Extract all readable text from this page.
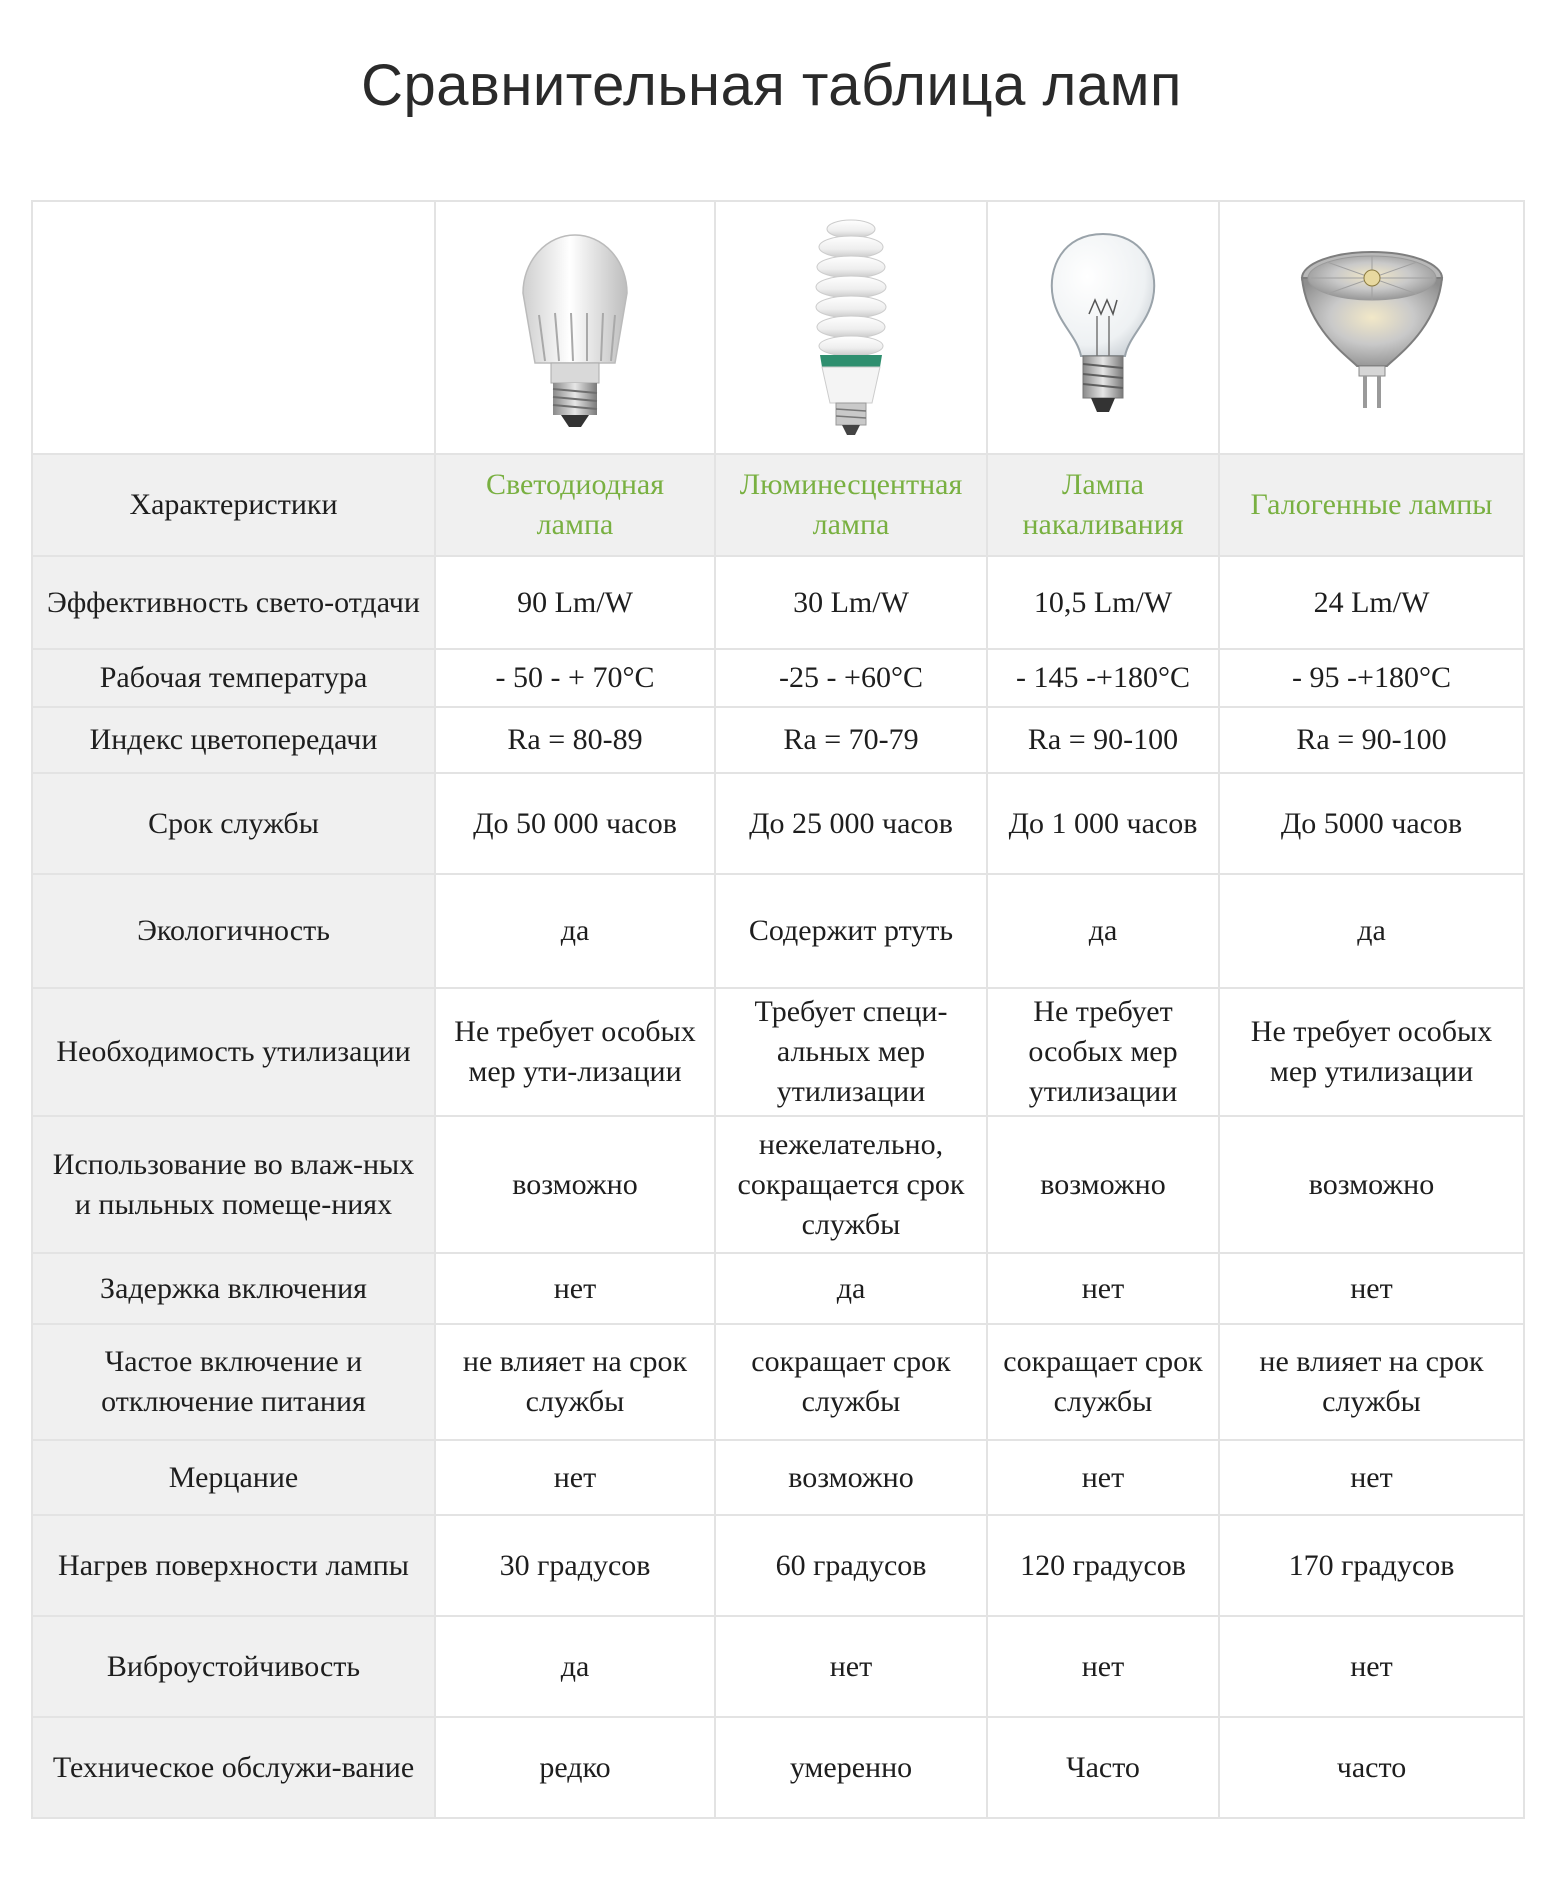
Сравнительная таблица ламп

Характеристики	Светодиодная лампа	Люминесцентная лампа	Лампа накаливания	Галогенные лампы
Эффективность свето-отдачи	90 Lm/W	30 Lm/W	10,5 Lm/W	24 Lm/W
Рабочая температура	- 50 - + 70°C	-25 - +60°C	- 145 -+180°C	- 95 -+180°C
Индекс цветопередачи	Ra = 80-89	Ra = 70-79	Ra = 90-100	Ra = 90-100
Срок службы	До 50 000 часов	До 25 000 часов	До 1 000 часов	До 5000 часов
Экологичность	да	Содержит ртуть	да	да
Необходимость утилизации	Не требует особых мер ути-лизации	Требует специ-альных мер утилизации	Не требует особых мер утилизации	Не требует особых мер утилизации
Использование во влаж-ных и пыльных помеще-ниях	возможно	нежелательно, сокращается срок службы	возможно	возможно
Задержка включения	нет	да	нет	нет
Частое включение и отключение питания	не влияет на срок службы	сокращает срок службы	сокращает срок службы	не влияет на срок службы
Мерцание	нет	возможно	нет	нет
Нагрев поверхности лампы	30 градусов	60 градусов	120 градусов	170 градусов
Виброустойчивость	да	нет	нет	нет
Техническое обслужи-вание	редко	умеренно	Часто	часто
